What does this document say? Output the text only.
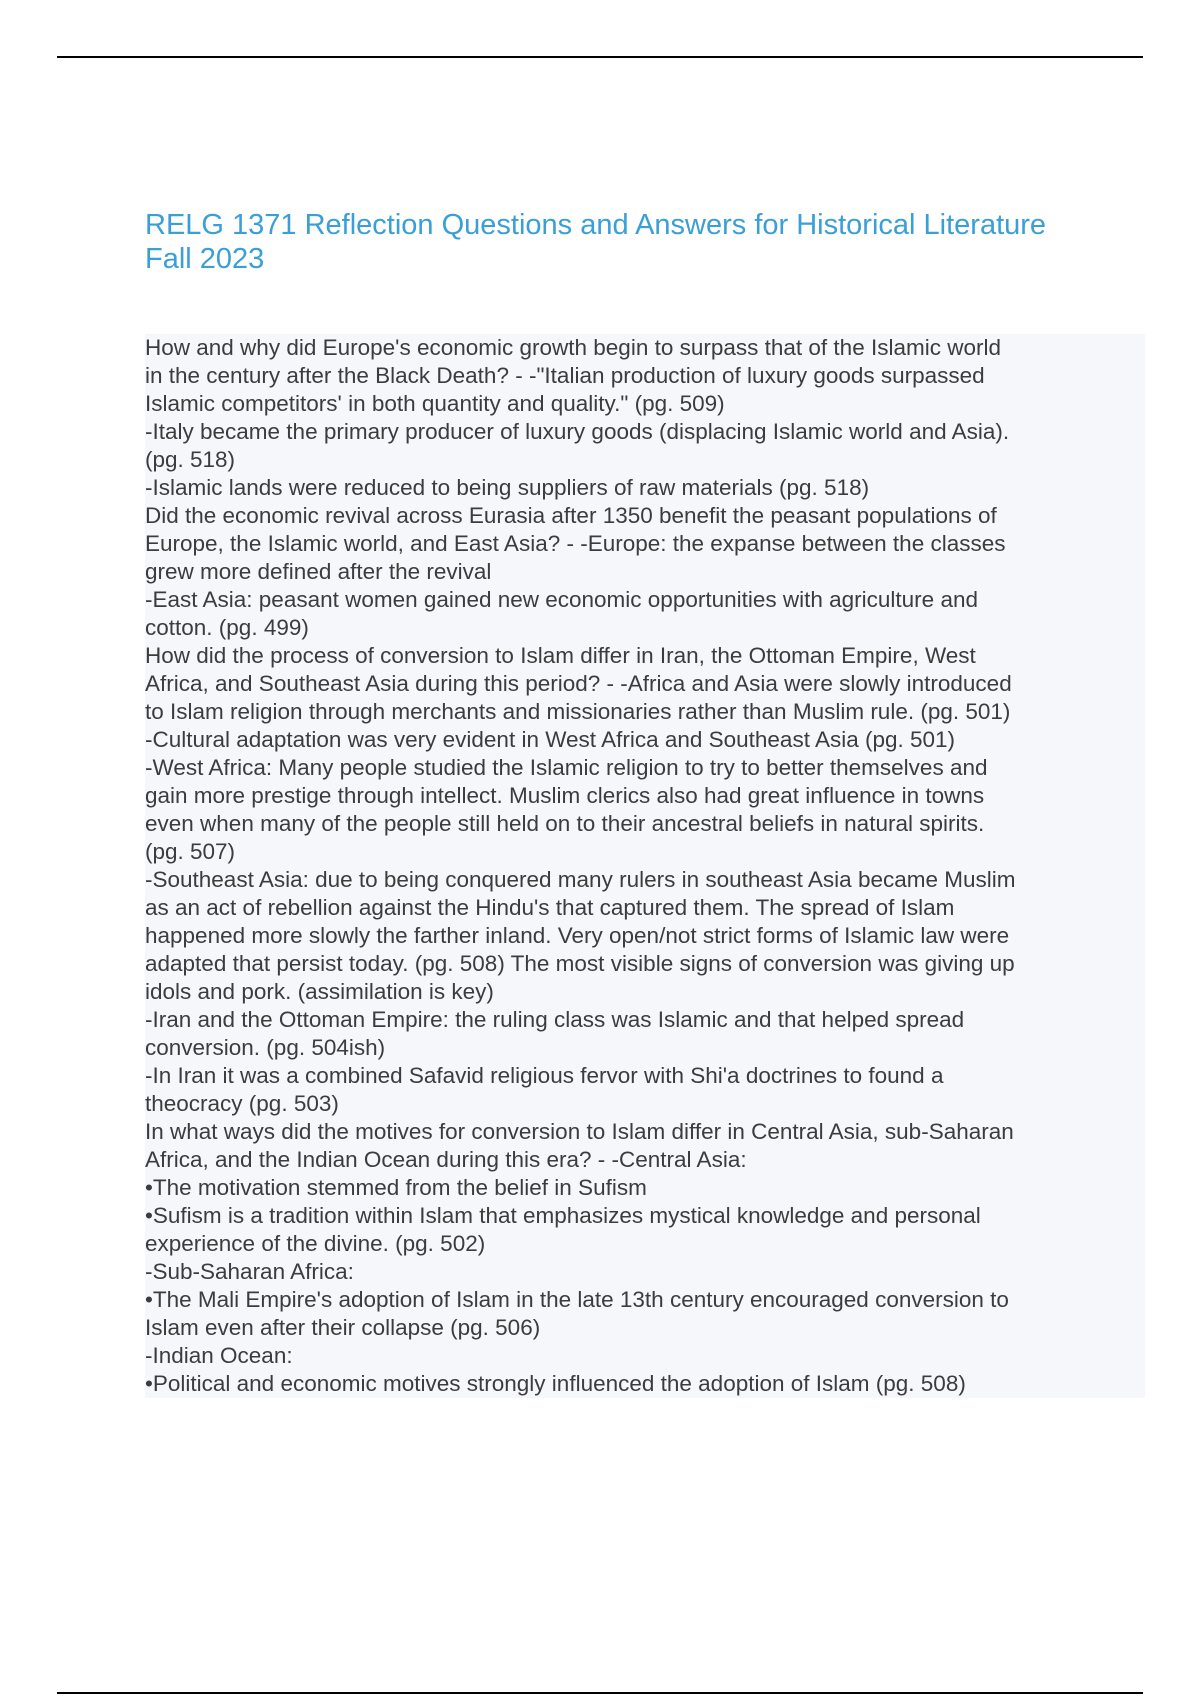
RELG 1371 Reflection Questions and Answers for Historical Literature
Fall 2023
How and why did Europe's economic growth begin to surpass that of the Islamic world
in the century after the Black Death? - -"Italian production of luxury goods surpassed
Islamic competitors' in both quantity and quality." (pg. 509)
-Italy became the primary producer of luxury goods (displacing Islamic world and Asia).
(pg. 518)
-Islamic lands were reduced to being suppliers of raw materials (pg. 518)
Did the economic revival across Eurasia after 1350 benefit the peasant populations of
Europe, the Islamic world, and East Asia? - -Europe: the expanse between the classes
grew more defined after the revival
-East Asia: peasant women gained new economic opportunities with agriculture and
cotton. (pg. 499)
How did the process of conversion to Islam differ in Iran, the Ottoman Empire, West
Africa, and Southeast Asia during this period? - -Africa and Asia were slowly introduced
to Islam religion through merchants and missionaries rather than Muslim rule. (pg. 501)
-Cultural adaptation was very evident in West Africa and Southeast Asia (pg. 501)
-West Africa: Many people studied the Islamic religion to try to better themselves and
gain more prestige through intellect. Muslim clerics also had great influence in towns
even when many of the people still held on to their ancestral beliefs in natural spirits.
(pg. 507)
-Southeast Asia: due to being conquered many rulers in southeast Asia became Muslim
as an act of rebellion against the Hindu's that captured them. The spread of Islam
happened more slowly the farther inland. Very open/not strict forms of Islamic law were
adapted that persist today. (pg. 508) The most visible signs of conversion was giving up
idols and pork. (assimilation is key)
-Iran and the Ottoman Empire: the ruling class was Islamic and that helped spread
conversion. (pg. 504ish)
-In Iran it was a combined Safavid religious fervor with Shi'a doctrines to found a
theocracy (pg. 503)
In what ways did the motives for conversion to Islam differ in Central Asia, sub-Saharan
Africa, and the Indian Ocean during this era? - -Central Asia:
•The motivation stemmed from the belief in Sufism
•Sufism is a tradition within Islam that emphasizes mystical knowledge and personal
experience of the divine. (pg. 502)
-Sub-Saharan Africa:
•The Mali Empire's adoption of Islam in the late 13th century encouraged conversion to
Islam even after their collapse (pg. 506)
-Indian Ocean:
•Political and economic motives strongly influenced the adoption of Islam (pg. 508)
